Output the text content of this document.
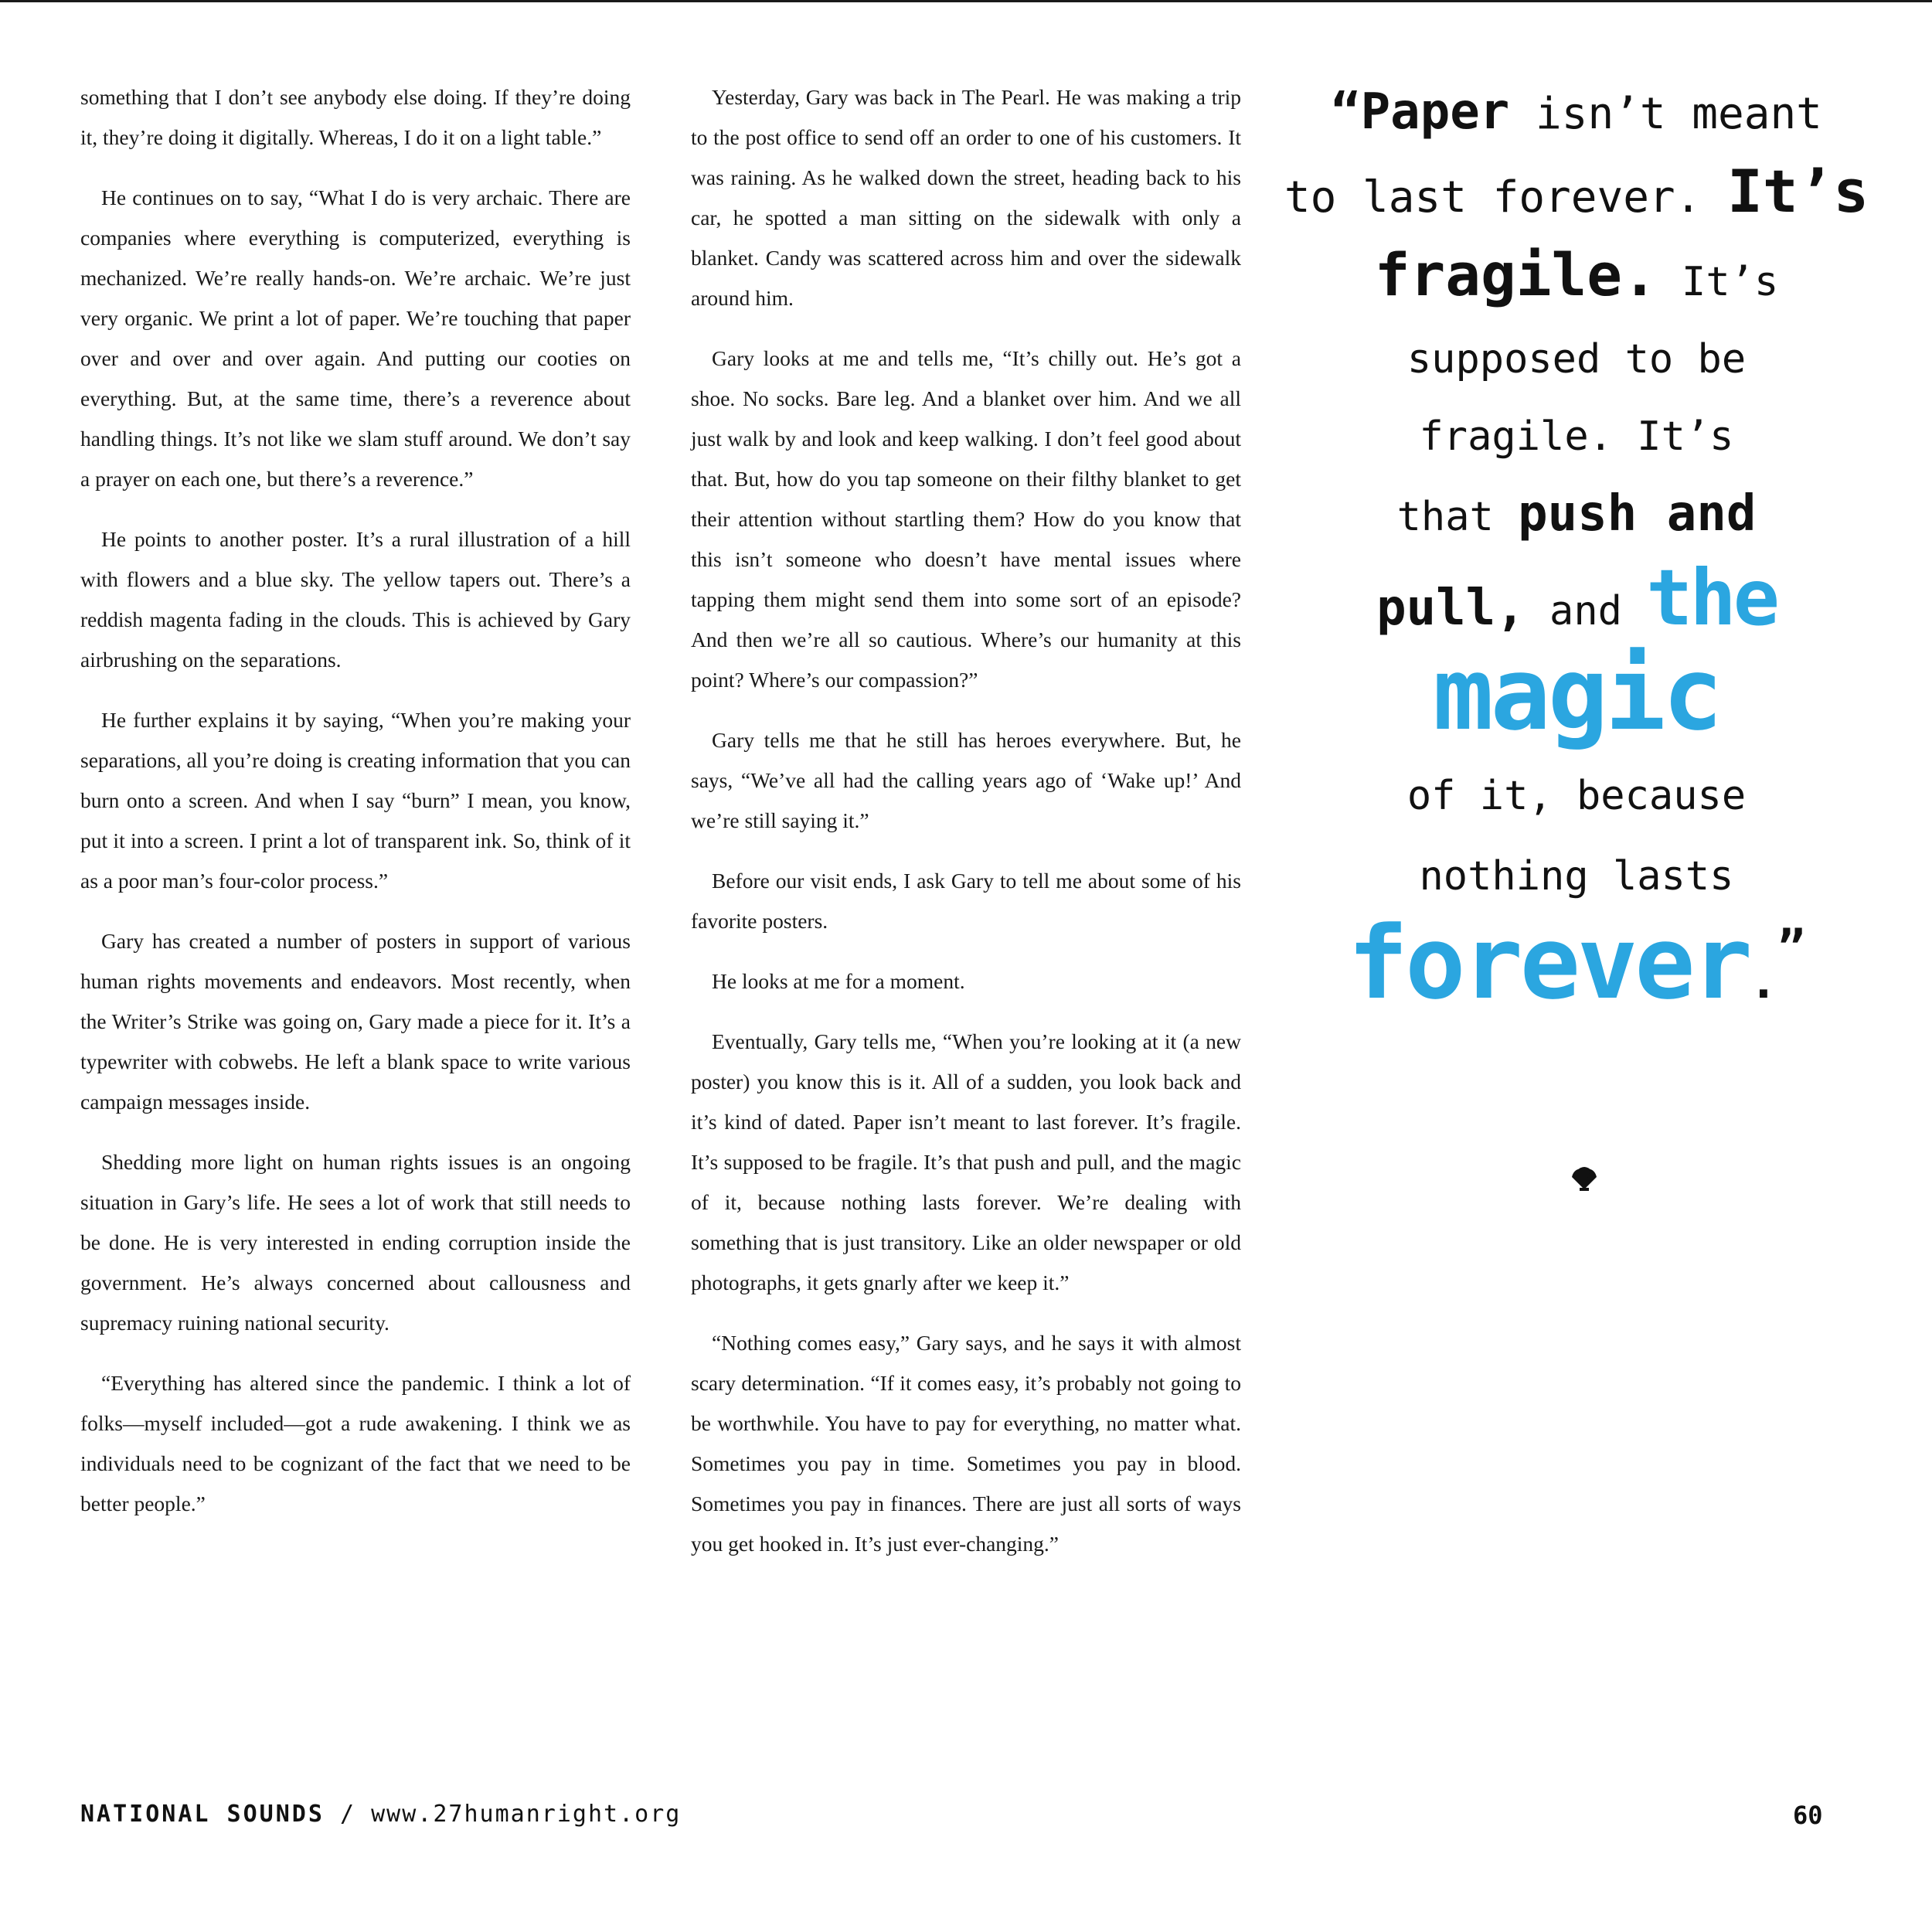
something that I don’t see anybody else doing. If they’re doing it, they’re doing it digitally. Whereas, I do it on a light table.”

He continues on to say, “What I do is very archaic. There are companies where everything is computerized, everything is mechanized. We’re really hands-on. We’re archaic. We’re just very organic. We print a lot of paper. We’re touching that paper over and over and over again. And putting our cooties on everything. But, at the same time, there’s a reverence about handling things. It’s not like we slam stuff around. We don’t say a prayer on each one, but there’s a reverence.”

He points to another poster. It’s a rural illustration of a hill with flowers and a blue sky. The yellow tapers out. There’s a reddish magenta fading in the clouds. This is achieved by Gary airbrushing on the separations.

He further explains it by saying, “When you’re making your separations, all you’re doing is creating information that you can burn onto a screen. And when I say “burn” I mean, you know, put it into a screen. I print a lot of transparent ink. So, think of it as a poor man’s four-color process.”

Gary has created a number of posters in support of various human rights movements and endeavors. Most recently, when the Writer’s Strike was going on, Gary made a piece for it. It’s a typewriter with cobwebs. He left a blank space to write various campaign messages inside.

Shedding more light on human rights issues is an ongoing situation in Gary’s life. He sees a lot of work that still needs to be done. He is very interested in ending corruption inside the government. He’s always concerned about callousness and supremacy ruining national security.

“Everything has altered since the pandemic. I think a lot of folks—myself included—got a rude awakening. I think we as individuals need to be cognizant of the fact that we need to be better people.”

Yesterday, Gary was back in The Pearl. He was making a trip to the post office to send off an order to one of his customers. It was raining. As he walked down the street, heading back to his car, he spotted a man sitting on the sidewalk with only a blanket. Candy was scattered across him and over the sidewalk around him.

Gary looks at me and tells me, “It’s chilly out. He’s got a shoe. No socks. Bare leg. And a blanket over him. And we all just walk by and look and keep walking. I don’t feel good about that. But, how do you tap someone on their filthy blanket to get their attention without startling them? How do you know that this isn’t someone who doesn’t have mental issues where tapping them might send them into some sort of an episode? And then we’re all so cautious. Where’s our humanity at this point? Where’s our compassion?”

Gary tells me that he still has heroes everywhere. But, he says, “We’ve all had the calling years ago of ‘Wake up!’ And we’re still saying it.”

Before our visit ends, I ask Gary to tell me about some of his favorite posters.

He looks at me for a moment.

Eventually, Gary tells me, “When you’re looking at it (a new poster) you know this is it. All of a sudden, you look back and it’s kind of dated. Paper isn’t meant to last forever. It’s fragile. It’s supposed to be fragile. It’s that push and pull, and the magic of it, because nothing lasts forever. We’re dealing with something that is just transitory. Like an older newspaper or old photographs, it gets gnarly after we keep it.”

“Nothing comes easy,” Gary says, and he says it with almost scary determination. “If it comes easy, it’s probably not going to be worthwhile. You have to pay for everything, no matter what. Sometimes you pay in time. Sometimes you pay in blood. Sometimes you pay in finances. There are just all sorts of ways you get hooked in. It’s just ever-changing.”

“Paper isn’t meant
to last forever. It’s
fragile. It’s
supposed to be
fragile. It’s
that push and
pull, and the
magic
of it, because
nothing lasts
forever.”
NATIONAL SOUNDS / www.27humanright.org	60
